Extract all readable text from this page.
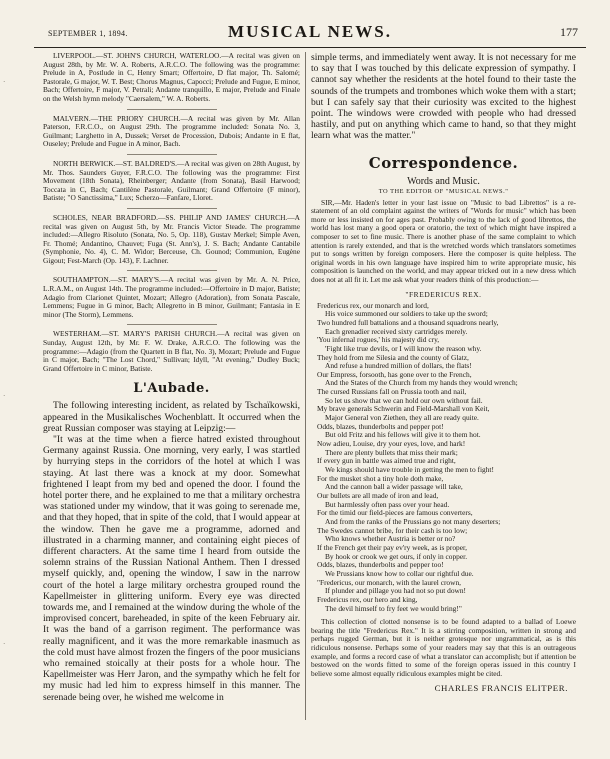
SEPTEMBER 1, 1894.	MUSICAL NEWS.	177
·
·
·

LIVERPOOL.—ST. JOHN'S CHURCH, WATERLOO.—A recital was given on August 28th, by Mr. W. A. Roberts, A.R.C.O. The following was the programme: Prelude in A, Postlude in C, Henry Smart; Offertoire, D flat major, Th. Salomé; Pastorale, G major, W. T. Best; Chorus Magnus, Capocci; Prelude and Fugue, E minor, Bach; Offertoire, F major, V. Petrali; Andante tranquillo, E major, Prelude and Finale on the Welsh hymn melody "Caersalem," W. A. Roberts.

MALVERN.—THE PRIORY CHURCH.—A recital was given by Mr. Allan Paterson, F.R.C.O., on August 29th. The programme included: Sonata No. 3, Guilmant; Larghetto in A, Dussek; Verset de Procession, Dubois; Andante in E flat, Ouseley; Prelude and Fugue in A minor, Bach.

NORTH BERWICK.—ST. BALDRED'S.—A recital was given on 28th August, by Mr. Thos. Saunders Guyer, F.R.C.O. The following was the programme: First Movement (18th Sonata), Rheinberger; Andante (from Sonata), Basil Harwood; Toccata in C, Bach; Cantilène Pastorale, Guilmant; Grand Offertoire (F minor), Batiste; "O Sanctissima," Lux; Scherzo—Fanfare, Lloret.

SCHOLES, NEAR BRADFORD.—SS. PHILIP AND JAMES' CHURCH.—A recital was given on August 5th, by Mr. Francis Victor Steade. The programme included:—Allegro Risoluto (Sonata, No. 5, Op. 118), Gustav Merkel; Simple Aven, Fr. Thomé; Andantino, Chauvet; Fuga (St. Ann's), J. S. Bach; Andante Cantabile (Symphonie, No. 4), C. M. Widor; Berceuse, Ch. Gounod; Communion, Eugène Gigout; Fest-March (Op. 143), F. Lachner.

SOUTHAMPTON.—ST. MARY'S.—A recital was given by Mr. A. N. Price, L.R.A.M., on August 14th. The programme included:—Offertoire in D major, Batiste; Adagio from Clarionet Quintet, Mozart; Allegro (Adoration), from Sonata Pascale, Lemmens; Fugue in G minor, Bach; Allegretto in B minor, Guilmant; Fantasia in E minor (The Storm), Lemmens.

WESTERHAM.—ST. MARY'S PARISH CHURCH.—A recital was given on Sunday, August 12th, by Mr. F. W. Drake, A.R.C.O. The following was the programme:—Adagio (from the Quartett in B flat, No. 3), Mozart; Prelude and Fugue in C major, Bach; "The Lost Chord," Sullivan; Idyll, "At evening," Dudley Buck; Grand Offertoire in C minor, Batiste.

L'Aubade.

The following interesting incident, as related by Tschaïkowski, appeared in the Musikalisches Wochenblatt. It occurred when the great Russian composer was staying at Leipzig:—

"It was at the time when a fierce hatred existed throughout Germany against Russia. One morning, very early, I was startled by hurrying steps in the corridors of the hotel at which I was staying. At last there was a knock at my door. Somewhat frightened I leapt from my bed and opened the door. I found the hotel porter there, and he explained to me that a military orchestra was stationed under my window, that it was going to serenade me, and that they hoped, that in spite of the cold, that I would appear at the window. Then he gave me a programme, adorned and illustrated in a charming manner, and containing eight pieces of different characters. At the same time I heard from outside the solemn strains of the Russian National Anthem. Then I dressed myself quickly, and, opening the window, I saw in the narrow court of the hotel a large military orchestra grouped round the Kapellmeister in glittering uniform. Every eye was directed towards me, and I remained at the window during the whole of the improvised concert, bareheaded, in spite of the keen February air. It was the band of a garrison regiment. The performance was really magnificent, and it was the more remarkable inasmuch as the cold must have almost frozen the fingers of the poor musicians who remained stoically at their posts for a whole hour. The Kapellmeister was Herr Jaron, and the sympathy which he felt for my music had led him to express himself in this manner. The serenade being over, he wished me welcome in

simple terms, and immediately went away. It is not necessary for me to say that I was touched by this delicate expression of sympathy. I cannot say whether the residents at the hotel found to their taste the sounds of the trumpets and trombones which woke them with a start; but I can safely say that their curiosity was excited to the highest point. The windows were crowded with people who had dressed hastily, and put on anything which came to hand, so that they might learn what was the matter."

Correspondence.
Words and Music.
TO THE EDITOR OF "MUSICAL NEWS."

SIR,—Mr. Haden's letter in your last issue on "Music to bad Librettos" is a re-statement of an old complaint against the writers of "Words for music" which has been more or less insisted on for ages past. Probably owing to the lack of good librettos, the world has lost many a good opera or oratorio, the text of which might have inspired a composer to set to fine music. There is another phase of the same complaint to which attention is rarely extended, and that is the wretched words which translators sometimes put to songs written by foreign composers. Here the composer is quite helpless. The original words in his own language have inspired him to write appropriate music, his composition is launched on the world, and may appear tricked out in a new dress which does not at all fit it. Let me ask what your readers think of this production:—

"FREDERICUS REX.

Fredericus rex, our monarch and lord,

His voice summoned our soldiers to take up the sword;

Two hundred full battalions and a thousand squadrons nearly,

Each grenadier received sixty cartridges merely.

'You infernal rogues,' his majesty did cry,

'Fight like true devils, or I will know the reason why.

They hold from me Silesia and the county of Glatz,

And refuse a hundred million of dollars, the flats!

Our Empress, forsooth, has gone over to the French,

And the States of the Church from my hands they would wrench;

The cursed Russians fall on Prussia tooth and nail,

So let us show that we can hold our own without fail.

My brave generals Schwerin and Field-Marshall von Keit,

Major General von Ziethen, they all are ready quite.

Odds, blazes, thunderbolts and pepper pot!

But old Fritz and his fellows will give it to them hot.

Now adieu, Louise, dry your eyes, love, and hark!

There are plenty bullets that miss their mark;

If every gun in battle was aimed true and right,

We kings should have trouble in getting the men to fight!

For the musket shot a tiny hole doth make,

And the cannon ball a wider passage will take,

Our bullets are all made of iron and lead,

But harmlessly often pass over your head.

For the timid our field-pieces are famous converters,

And from the ranks of the Prussians go not many deserters;

The Swedes cannot bribe, for their cash is too low;

Who knows whether Austria is better or no?

If the French get their pay ev'ry week, as is proper,

By hook or crook we get ours, if only in copper.

Odds, blazes, thunderbolts and pepper too!

We Prussians know how to collar our rightful due.

"Fredericus, our monarch, with the laurel crown,

If plunder and pillage you had not so put down!

Fredericus rex, our hero and king,

The devil himself to fry feet we would bring!"

This collection of clotted nonsense is to be found adapted to a ballad of Loewe bearing the title "Fredericus Rex." It is a stirring composition, written in strong and perhaps rugged German, but it is neither grotesque nor ungrammatical, as is this ridiculous nonsense. Perhaps some of your readers may say that this is an outrageous example, and forms a record case of what a translator can accomplish; but if attention be bestowed on the words fitted to some of the foreign operas issued in this country I believe some almost equally ridiculous examples might be cited.

CHARLES FRANCIS ELITPER.
